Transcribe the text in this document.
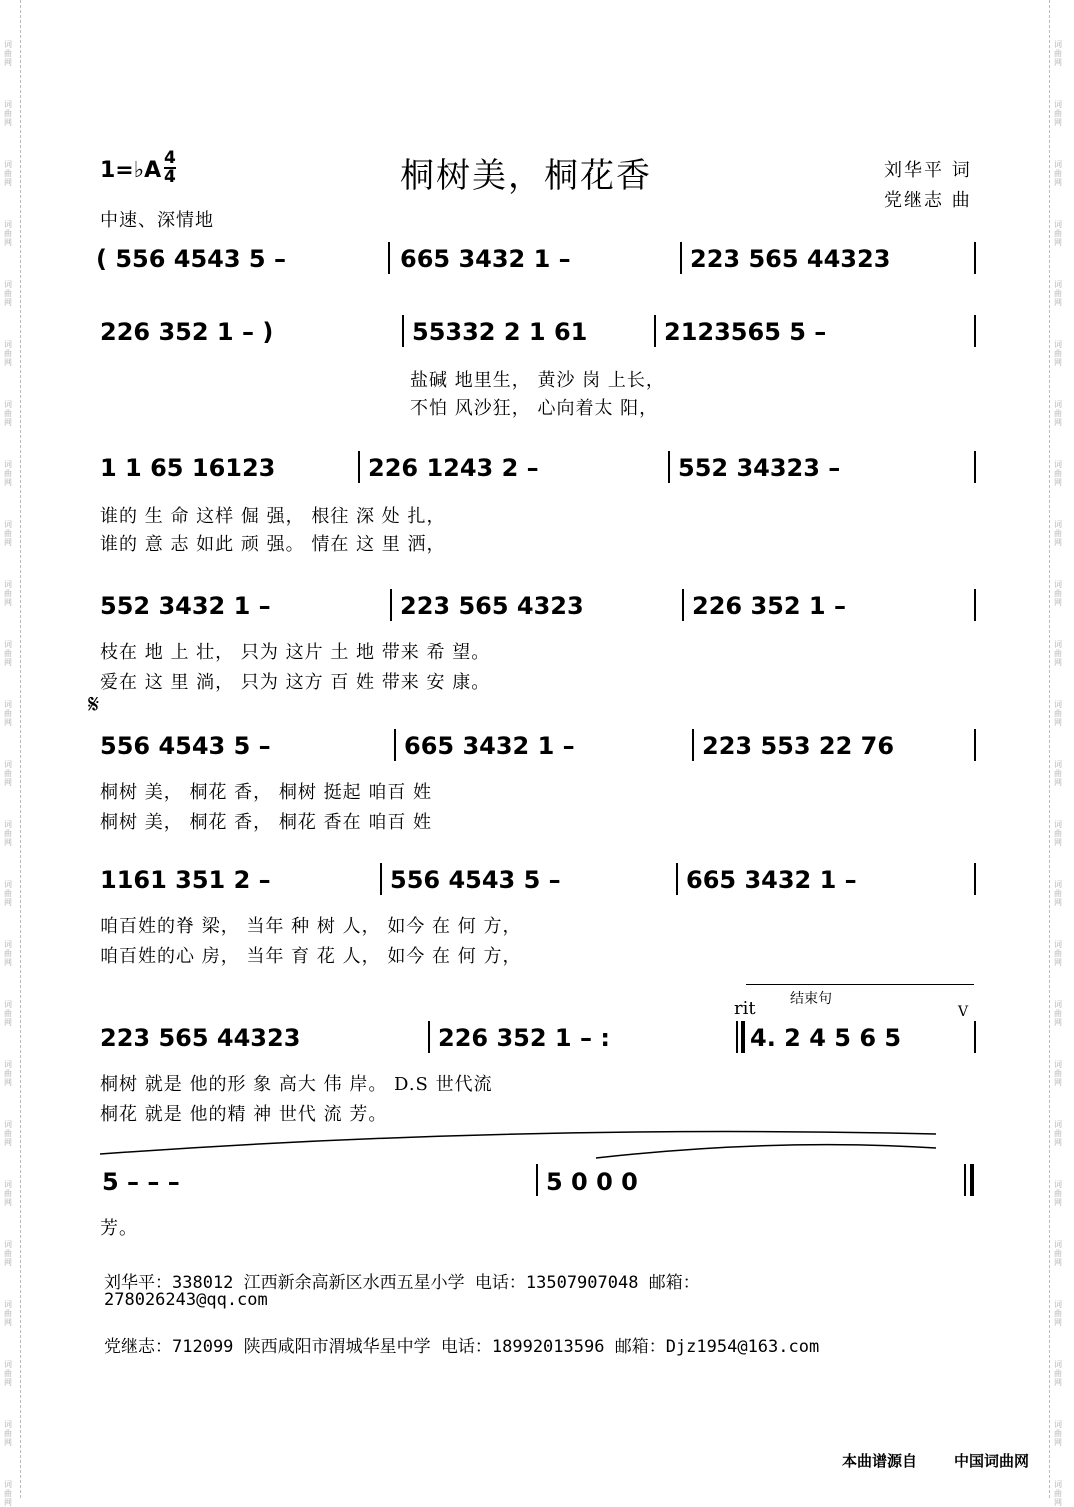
词曲网
词曲网
词曲网
词曲网
词曲网
词曲网
词曲网
词曲网
词曲网
词曲网
词曲网
词曲网
词曲网
词曲网
词曲网
词曲网
词曲网
词曲网
词曲网
词曲网
词曲网
词曲网
词曲网
词曲网
词曲网
词曲网
词曲网
词曲网
词曲网
词曲网
词曲网
词曲网
词曲网
词曲网
词曲网
词曲网
词曲网
词曲网
词曲网
词曲网
词曲网
词曲网
词曲网
词曲网
词曲网
词曲网
词曲网
词曲网
词曲网
词曲网
1=♭A 4
4	桐树美，桐花香	刘华平 词
党继志 曲
中速、深情地
( 556 4543 5 –	665 3432 1 –	223 565 44323
226 352 1 – )	55332 2 1 61	2123565 5 –
盐碱 地里生， 黄沙 岗 上长，
不怕 风沙狂， 心向着太 阳，
1 1 65 16123	226 1243 2 –	552 34323 –
谁的 生 命 这样 倔 强， 根往 深 处 扎，
谁的 意 志 如此 顽 强。 情在 这 里 洒，
552 3432 1 –	223 565 4323	226 352 1 –
枝在 地 上 壮， 只为 这片 土 地 带来 希 望。
爱在 这 里 淌， 只为 这方 百 姓 带来 安 康。
𝄋
556 4543 5 –	665 3432 1 –	223 553 22 76
桐树 美， 桐花 香， 桐树 挺起 咱百 姓
桐树 美， 桐花 香， 桐花 香在 咱百 姓
1161 351 2 –	556 4543 5 –	665 3432 1 –
咱百姓的脊 梁， 当年 种 树 人， 如今 在 何 方，
咱百姓的心 房， 当年 育 花 人， 如今 在 何 方，
rit 结束句
V
223 565 44323	226 352 1 – :	4. 2 4 5 6 5
桐树 就是 他的形 象 高大 伟 岸。 D.S 世代流
桐花 就是 他的精 神 世代 流 芳。
5 – – –	5 0 0 0
芳。
刘华平：338012 江西新余高新区水西五星小学 电话：13507907048 邮箱：
278026243@qq.com
党继志：712099 陕西咸阳市渭城华星中学 电话：18992013596 邮箱：Djz1954@163.com
本曲谱源自 中国词曲网
